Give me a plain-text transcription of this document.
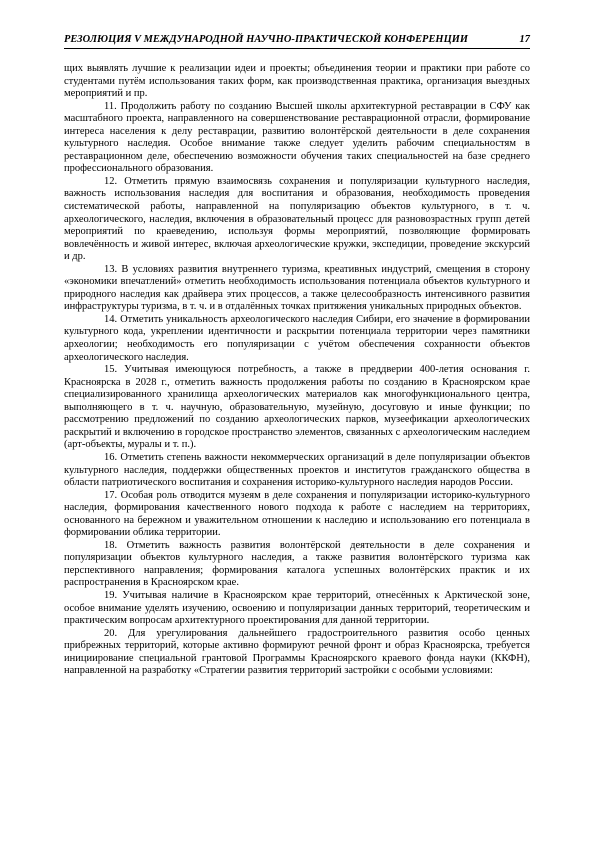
РЕЗОЛЮЦИЯ V МЕЖДУНАРОДНОЙ НАУЧНО-ПРАКТИЧЕСКОЙ КОНФЕРЕНЦИИ	17

щих выявлять лучшие к реализации идеи и проекты; объединения теории и практики при работе со студентами путём использования таких форм, как производственная практика, организация выездных мероприятий и пр.

11. Продолжить работу по созданию Высшей школы архитектурной реставрации в СФУ как масштабного проекта, направленного на совершенствование реставрационной отрасли, формирование интереса населения к делу реставрации, развитию волонтёрской деятельности в деле сохранения культурного наследия. Особое внимание также следует уделить рабочим специальностям в реставрационном деле, обеспечению возможности обучения таких специальностей на базе среднего профессионального образования.

12. Отметить прямую взаимосвязь сохранения и популяризации культурного наследия, важность использования наследия для воспитания и образования, необходимость проведения систематической работы, направленной на популяризацию объектов культурного, в т. ч. археологического, наследия, включения в образовательный процесс для разновозрастных групп детей мероприятий по краеведению, используя формы мероприятий, позволяющие формировать вовлечённость и живой интерес, включая археологические кружки, экспедиции, проведение экскурсий и др.

13. В условиях развития внутреннего туризма, креативных индустрий, смещения в сторону «экономики впечатлений» отметить необходимость использования потенциала объектов культурного и природного наследия как драйвера этих процессов, а также целесообразность интенсивного развития инфраструктуры туризма, в т. ч. и в отдалённых точках притяжения уникальных природных объектов.

14. Отметить уникальность археологического наследия Сибири, его значение в формировании культурного кода, укреплении идентичности и раскрытии потенциала территории через памятники археологии; необходимость его популяризации с учётом обеспечения сохранности объектов археологического наследия.

15. Учитывая имеющуюся потребность, а также в преддверии 400-летия основания г. Красноярска в 2028 г., отметить важность продолжения работы по созданию в Красноярском крае специализированного хранилища археологических материалов как многофункционального центра, выполняющего в т. ч. научную, образовательную, музейную, досуговую и иные функции; по рассмотрению предложений по созданию археологических парков, музеефикации археологических раскрытий и включению в городское пространство элементов, связанных с археологическим наследием (арт-объекты, муралы и т. п.).

16. Отметить степень важности некоммерческих организаций в деле популяризации объектов культурного наследия, поддержки общественных проектов и институтов гражданского общества в области патриотического воспитания и сохранения историко-культурного наследия народов России.

17. Особая роль отводится музеям в деле сохранения и популяризации историко-культурного наследия, формирования качественного нового подхода к работе с наследием на территориях, основанного на бережном и уважительном отношении к наследию и использованию его потенциала в формировании облика территории.

18. Отметить важность развития волонтёрской деятельности в деле сохранения и популяризации объектов культурного наследия, а также развития волонтёрского туризма как перспективного направления; формирования каталога успешных волонтёрских практик и их распространения в Красноярском крае.

19. Учитывая наличие в Красноярском крае территорий, отнесённых к Арктической зоне, особое внимание уделять изучению, освоению и популяризации данных территорий, теоретическим и практическим вопросам архитектурного проектирования для данной территории.

20. Для урегулирования дальнейшего градостроительного развития особо ценных прибрежных территорий, которые активно формируют речной фронт и образ Красноярска, требуется инициирование специальной грантовой Программы Красноярского краевого фонда науки (ККФН), направленной на разработку «Стратегии развития территорий застройки с особыми условиями:
